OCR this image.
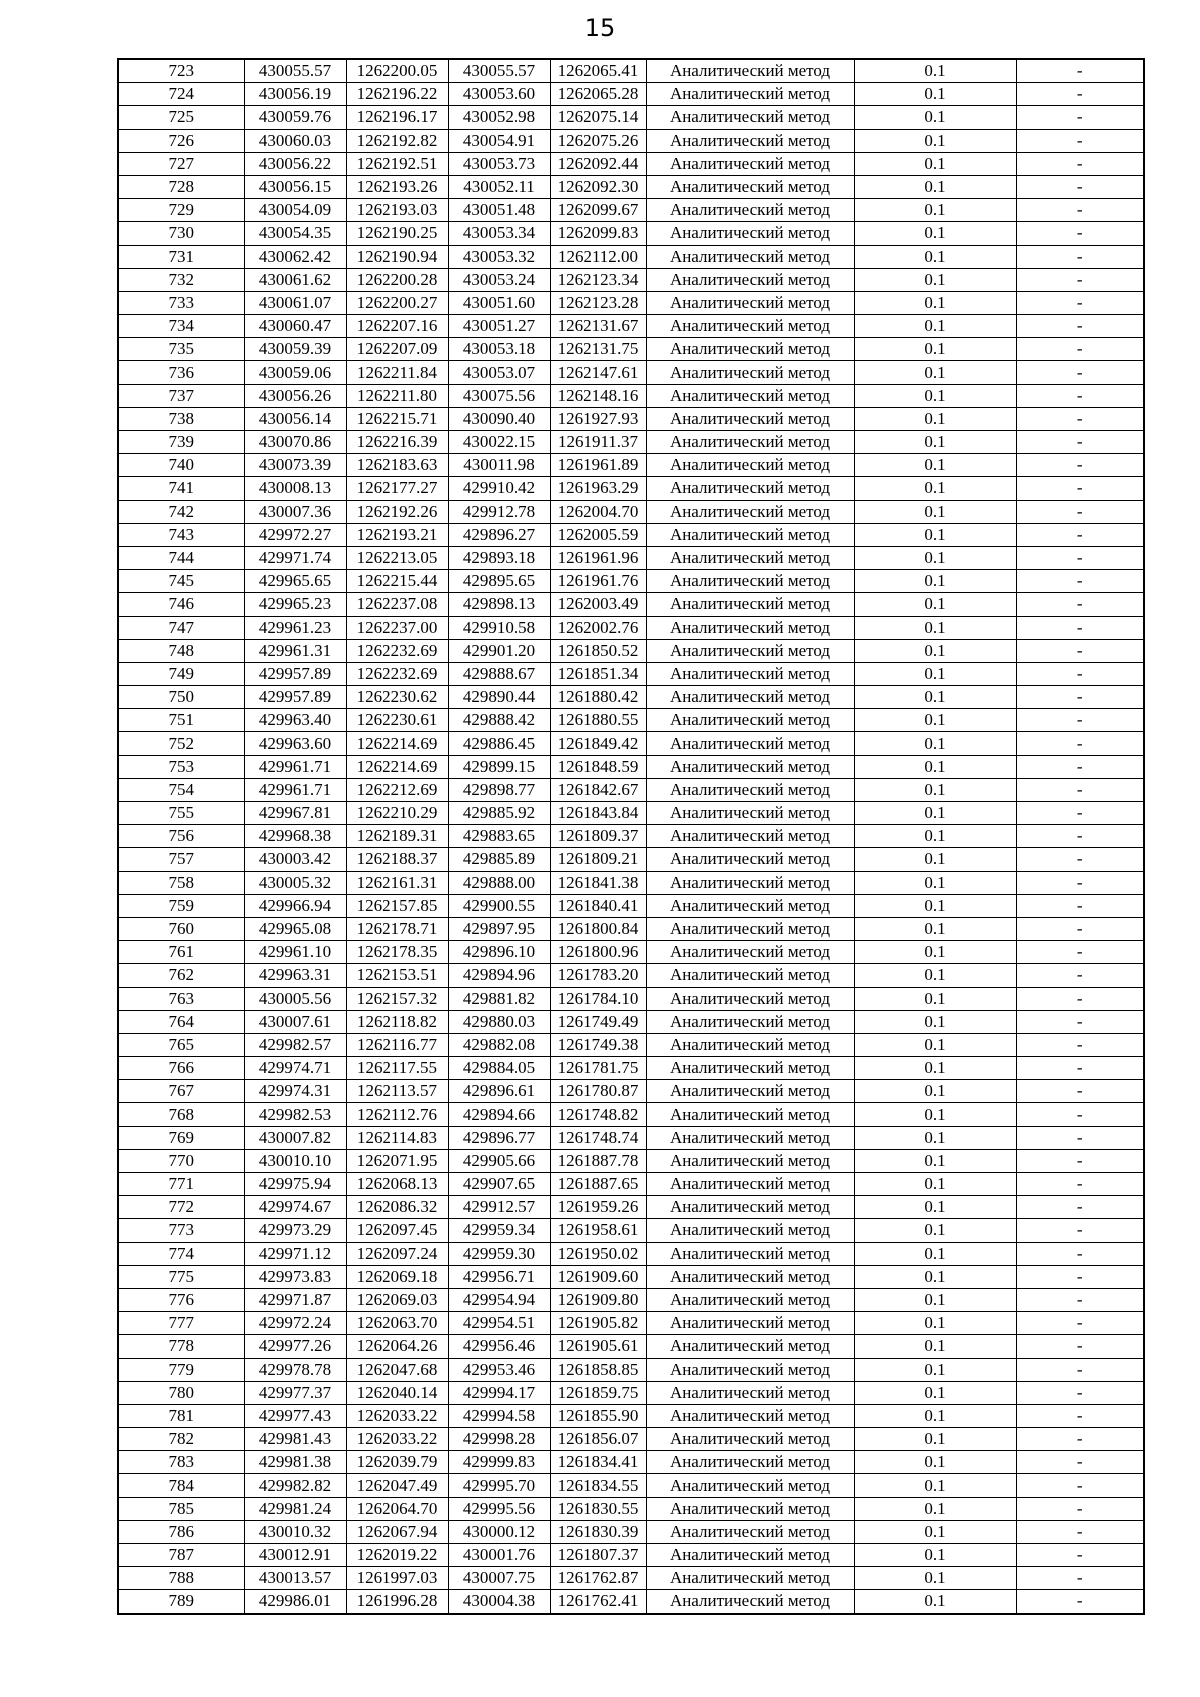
15
723	430055.57	1262200.05	430055.57	1262065.41	Аналитический метод	0.1	-
724	430056.19	1262196.22	430053.60	1262065.28	Аналитический метод	0.1	-
725	430059.76	1262196.17	430052.98	1262075.14	Аналитический метод	0.1	-
726	430060.03	1262192.82	430054.91	1262075.26	Аналитический метод	0.1	-
727	430056.22	1262192.51	430053.73	1262092.44	Аналитический метод	0.1	-
728	430056.15	1262193.26	430052.11	1262092.30	Аналитический метод	0.1	-
729	430054.09	1262193.03	430051.48	1262099.67	Аналитический метод	0.1	-
730	430054.35	1262190.25	430053.34	1262099.83	Аналитический метод	0.1	-
731	430062.42	1262190.94	430053.32	1262112.00	Аналитический метод	0.1	-
732	430061.62	1262200.28	430053.24	1262123.34	Аналитический метод	0.1	-
733	430061.07	1262200.27	430051.60	1262123.28	Аналитический метод	0.1	-
734	430060.47	1262207.16	430051.27	1262131.67	Аналитический метод	0.1	-
735	430059.39	1262207.09	430053.18	1262131.75	Аналитический метод	0.1	-
736	430059.06	1262211.84	430053.07	1262147.61	Аналитический метод	0.1	-
737	430056.26	1262211.80	430075.56	1262148.16	Аналитический метод	0.1	-
738	430056.14	1262215.71	430090.40	1261927.93	Аналитический метод	0.1	-
739	430070.86	1262216.39	430022.15	1261911.37	Аналитический метод	0.1	-
740	430073.39	1262183.63	430011.98	1261961.89	Аналитический метод	0.1	-
741	430008.13	1262177.27	429910.42	1261963.29	Аналитический метод	0.1	-
742	430007.36	1262192.26	429912.78	1262004.70	Аналитический метод	0.1	-
743	429972.27	1262193.21	429896.27	1262005.59	Аналитический метод	0.1	-
744	429971.74	1262213.05	429893.18	1261961.96	Аналитический метод	0.1	-
745	429965.65	1262215.44	429895.65	1261961.76	Аналитический метод	0.1	-
746	429965.23	1262237.08	429898.13	1262003.49	Аналитический метод	0.1	-
747	429961.23	1262237.00	429910.58	1262002.76	Аналитический метод	0.1	-
748	429961.31	1262232.69	429901.20	1261850.52	Аналитический метод	0.1	-
749	429957.89	1262232.69	429888.67	1261851.34	Аналитический метод	0.1	-
750	429957.89	1262230.62	429890.44	1261880.42	Аналитический метод	0.1	-
751	429963.40	1262230.61	429888.42	1261880.55	Аналитический метод	0.1	-
752	429963.60	1262214.69	429886.45	1261849.42	Аналитический метод	0.1	-
753	429961.71	1262214.69	429899.15	1261848.59	Аналитический метод	0.1	-
754	429961.71	1262212.69	429898.77	1261842.67	Аналитический метод	0.1	-
755	429967.81	1262210.29	429885.92	1261843.84	Аналитический метод	0.1	-
756	429968.38	1262189.31	429883.65	1261809.37	Аналитический метод	0.1	-
757	430003.42	1262188.37	429885.89	1261809.21	Аналитический метод	0.1	-
758	430005.32	1262161.31	429888.00	1261841.38	Аналитический метод	0.1	-
759	429966.94	1262157.85	429900.55	1261840.41	Аналитический метод	0.1	-
760	429965.08	1262178.71	429897.95	1261800.84	Аналитический метод	0.1	-
761	429961.10	1262178.35	429896.10	1261800.96	Аналитический метод	0.1	-
762	429963.31	1262153.51	429894.96	1261783.20	Аналитический метод	0.1	-
763	430005.56	1262157.32	429881.82	1261784.10	Аналитический метод	0.1	-
764	430007.61	1262118.82	429880.03	1261749.49	Аналитический метод	0.1	-
765	429982.57	1262116.77	429882.08	1261749.38	Аналитический метод	0.1	-
766	429974.71	1262117.55	429884.05	1261781.75	Аналитический метод	0.1	-
767	429974.31	1262113.57	429896.61	1261780.87	Аналитический метод	0.1	-
768	429982.53	1262112.76	429894.66	1261748.82	Аналитический метод	0.1	-
769	430007.82	1262114.83	429896.77	1261748.74	Аналитический метод	0.1	-
770	430010.10	1262071.95	429905.66	1261887.78	Аналитический метод	0.1	-
771	429975.94	1262068.13	429907.65	1261887.65	Аналитический метод	0.1	-
772	429974.67	1262086.32	429912.57	1261959.26	Аналитический метод	0.1	-
773	429973.29	1262097.45	429959.34	1261958.61	Аналитический метод	0.1	-
774	429971.12	1262097.24	429959.30	1261950.02	Аналитический метод	0.1	-
775	429973.83	1262069.18	429956.71	1261909.60	Аналитический метод	0.1	-
776	429971.87	1262069.03	429954.94	1261909.80	Аналитический метод	0.1	-
777	429972.24	1262063.70	429954.51	1261905.82	Аналитический метод	0.1	-
778	429977.26	1262064.26	429956.46	1261905.61	Аналитический метод	0.1	-
779	429978.78	1262047.68	429953.46	1261858.85	Аналитический метод	0.1	-
780	429977.37	1262040.14	429994.17	1261859.75	Аналитический метод	0.1	-
781	429977.43	1262033.22	429994.58	1261855.90	Аналитический метод	0.1	-
782	429981.43	1262033.22	429998.28	1261856.07	Аналитический метод	0.1	-
783	429981.38	1262039.79	429999.83	1261834.41	Аналитический метод	0.1	-
784	429982.82	1262047.49	429995.70	1261834.55	Аналитический метод	0.1	-
785	429981.24	1262064.70	429995.56	1261830.55	Аналитический метод	0.1	-
786	430010.32	1262067.94	430000.12	1261830.39	Аналитический метод	0.1	-
787	430012.91	1262019.22	430001.76	1261807.37	Аналитический метод	0.1	-
788	430013.57	1261997.03	430007.75	1261762.87	Аналитический метод	0.1	-
789	429986.01	1261996.28	430004.38	1261762.41	Аналитический метод	0.1	-
